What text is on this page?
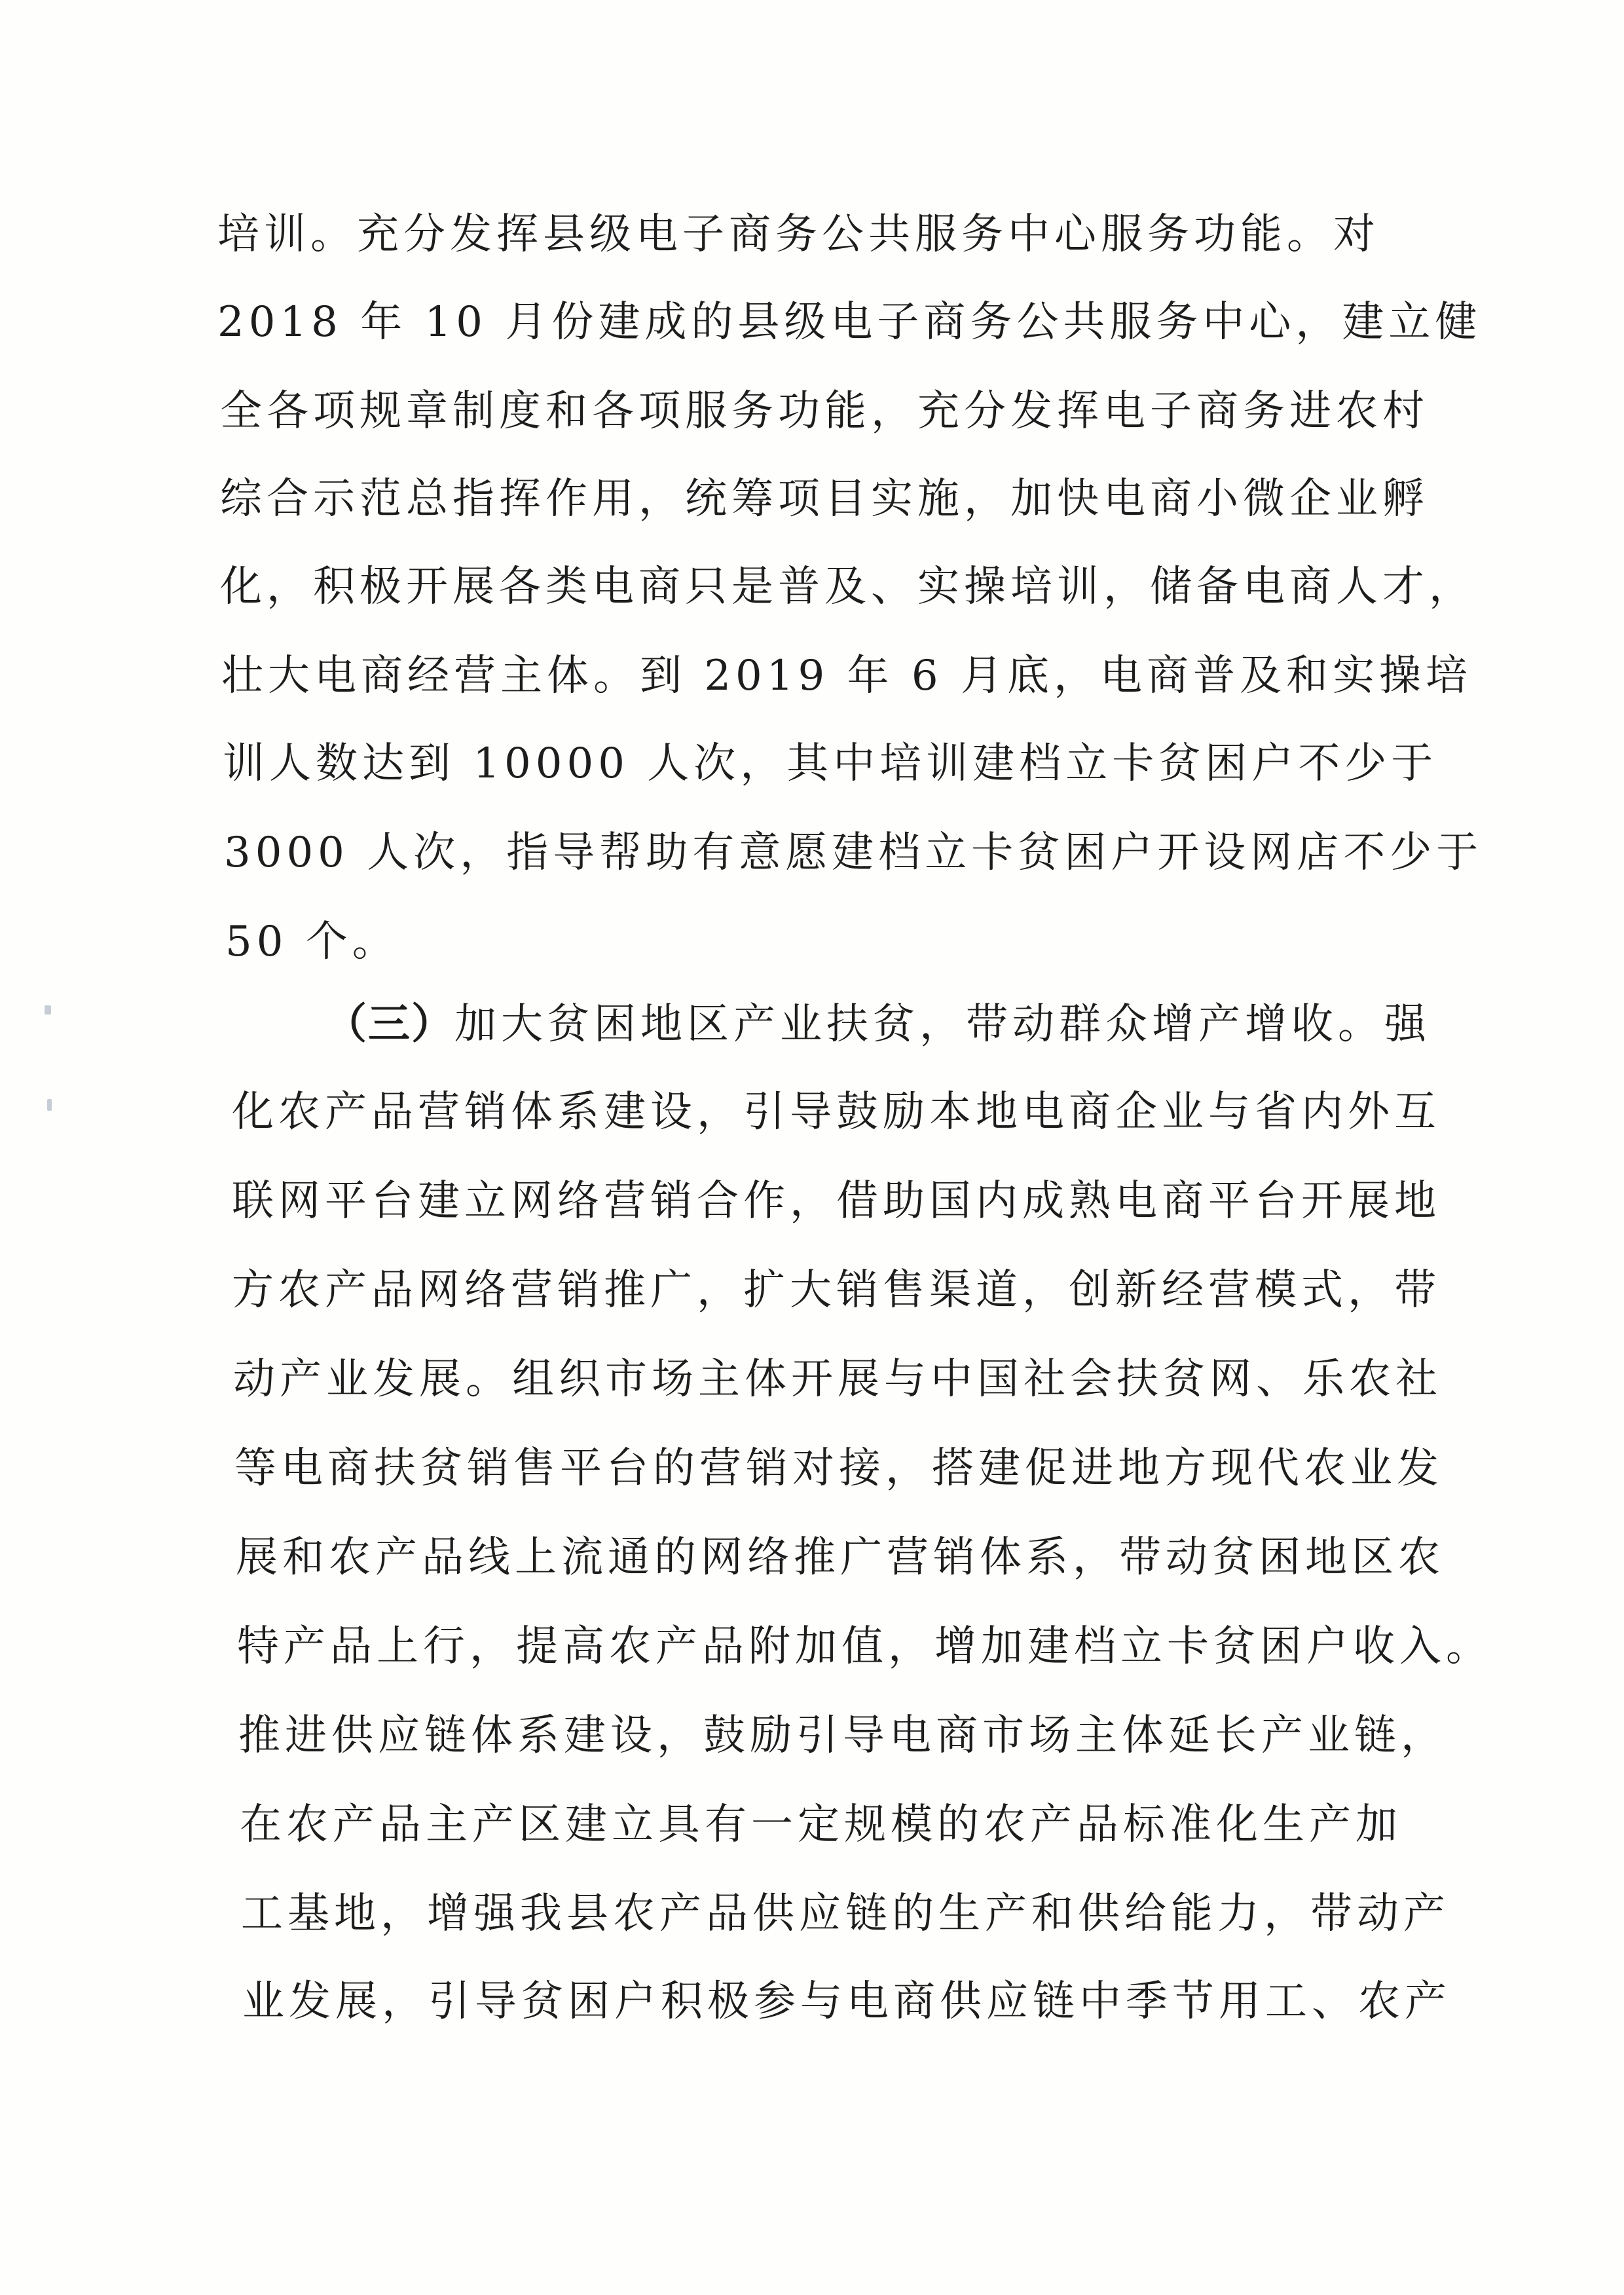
培训。充分发挥县级电子商务公共服务中心服务功能。对
2018 年 10 月份建成的县级电子商务公共服务中心，建立健
全各项规章制度和各项服务功能，充分发挥电子商务进农村
综合示范总指挥作用，统筹项目实施，加快电商小微企业孵
化，积极开展各类电商只是普及、实操培训，储备电商人才，
壮大电商经营主体。到 2019 年 6 月底，电商普及和实操培
训人数达到 10000 人次，其中培训建档立卡贫困户不少于
3000 人次，指导帮助有意愿建档立卡贫困户开设网店不少于
50 个。
（三）加大贫困地区产业扶贫，带动群众增产增收。强
化农产品营销体系建设，引导鼓励本地电商企业与省内外互
联网平台建立网络营销合作，借助国内成熟电商平台开展地
方农产品网络营销推广，扩大销售渠道，创新经营模式，带
动产业发展。组织市场主体开展与中国社会扶贫网、乐农社
等电商扶贫销售平台的营销对接，搭建促进地方现代农业发
展和农产品线上流通的网络推广营销体系，带动贫困地区农
特产品上行，提高农产品附加值，增加建档立卡贫困户收入。
推进供应链体系建设，鼓励引导电商市场主体延长产业链，
在农产品主产区建立具有一定规模的农产品标准化生产加
工基地，增强我县农产品供应链的生产和供给能力，带动产
业发展，引导贫困户积极参与电商供应链中季节用工、农产
